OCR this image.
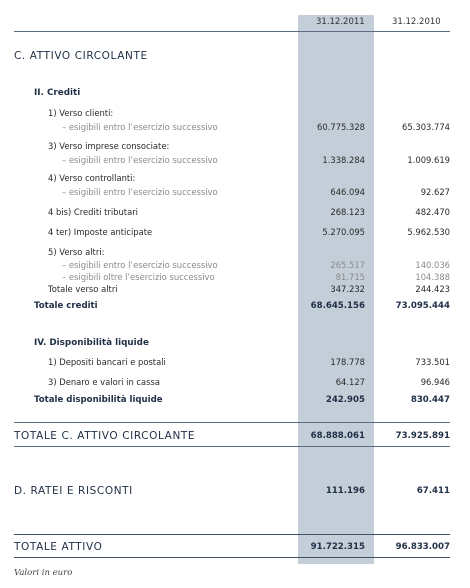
31.12.2011	31.12.2010
C. ATTIVO CIRCOLANTE
II. Crediti
1) Verso clienti:
– esigibili entro l’esercizio successivo	60.775.328	65.303.774
3) Verso imprese consociate:
– esigibili entro l’esercizio successivo	1.338.284	1.009.619
4) Verso controllanti:
– esigibili entro l’esercizio successivo	646.094	92.627
4 bis) Crediti tributari	268.123	482.470
4 ter) Imposte anticipate	5.270.095	5.962.530
5) Verso altri:
– esigibili entro l’esercizio successivo	265.517	140.036
– esigibili oltre l’esercizio successivo	81.715	104.388
Totale verso altri	347.232	244.423
Totale crediti	68.645.156	73.095.444
IV. Disponibilità liquide
1) Depositi bancari e postali	178.778	733.501
3) Denaro e valori in cassa	64.127	96.946
Totale disponibilità liquide	242.905	830.447
TOTALE C. ATTIVO CIRCOLANTE	68.888.061	73.925.891
D. RATEI E RISCONTI	111.196	67.411
TOTALE ATTIVO	91.722.315	96.833.007
Valori in euro
